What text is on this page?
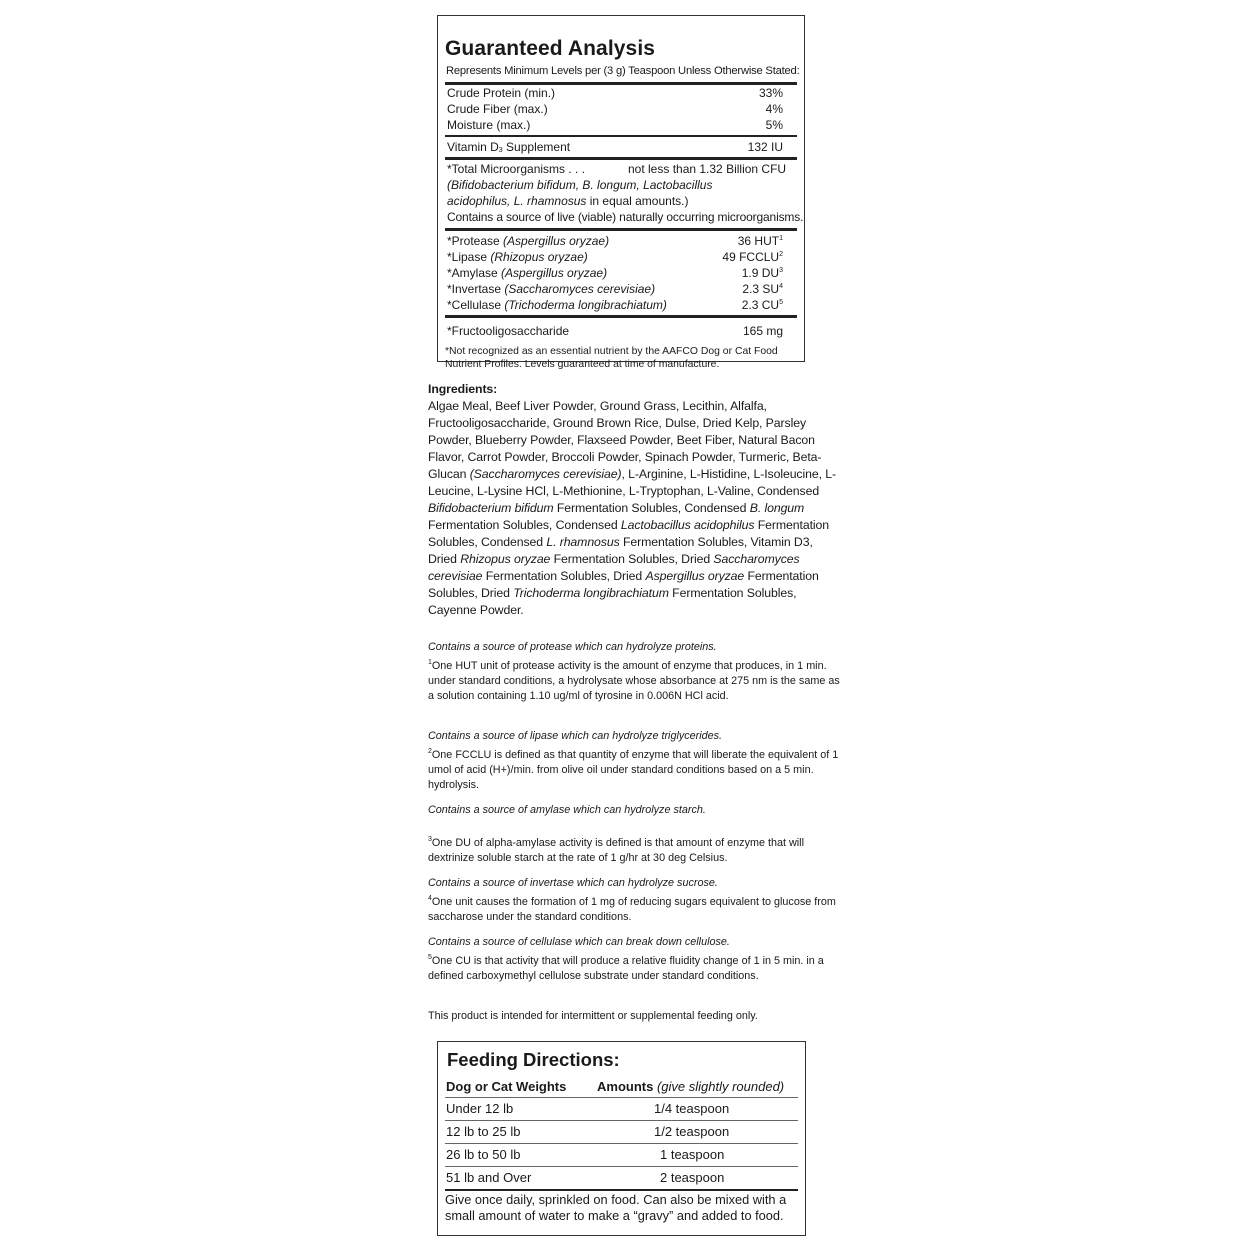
Guaranteed Analysis
Represents Minimum Levels per (3 g) Teaspoon Unless Otherwise Stated:
Crude Protein (min.)	33%
Crude Fiber (max.)	4%
Moisture (max.)	5%
Vitamin $D_3$ Supplement	132 IU
*Total Microorganisms . . .	not less than 1.32 Billion CFU
(Bifidobacterium bifidum, B. longum, Lactobacillus
acidophilus, L. rhamnosus in equal amounts.)
Contains a source of live (viable) naturally occurring microorganisms.
*Protease (Aspergillus oryzae)	36 HUT$^1$
*Lipase (Rhizopus oryzae)	49 FCCLU$^2$
*Amylase (Aspergillus oryzae)	1.9 $DU^3$
*Invertase (Saccharomyces cerevisiae)	2.3 $SU^4$
*Cellulase (Trichoderma longibrachiatum)	2.3 $CU^5$
*Fructooligosaccharide	165 mg
*Not recognized as an essential nutrient by the AAFCO Dog or Cat Food Nutrient Profiles. Levels guaranteed at time of manufacture.
Ingredients:
Algae Meal, Beef Liver Powder, Ground Grass, Lecithin, Alfalfa, Fructooligosaccharide, Ground Brown Rice, Dulse, Dried Kelp, Parsley Powder, Blueberry Powder, Flaxseed Powder, Beet Fiber, Natural Bacon Flavor, Carrot Powder, Broccoli Powder, Spinach Powder, Turmeric, Beta-Glucan (Saccharomyces cerevisiae), L-Arginine, L-Histidine, L-Isoleucine, L-Leucine, L-Lysine HCl, L-Methionine, L-Tryptophan, L-Valine, Condensed Bifidobacterium bifidum Fermentation Solubles, Condensed B. longum Fermentation Solubles, Condensed Lactobacillus acidophilus Fermentation Solubles, Condensed L. rhamnosus Fermentation Solubles, Vitamin D3, Dried Rhizopus oryzae Fermentation Solubles, Dried Saccharomyces cerevisiae Fermentation Solubles, Dried Aspergillus oryzae Fermentation Solubles, Dried Trichoderma longibrachiatum Fermentation Solubles, Cayenne Powder.

Contains a source of protease which can hydrolyze proteins.

$^1$One HUT unit of protease activity is the amount of enzyme that produces, in 1 min. under standard conditions, a hydrolysate whose absorbance at 275 nm is the same as a solution containing 1.10 ug/ml of tyrosine in 0.006N HCl acid.

Contains a source of lipase which can hydrolyze triglycerides.

$^2$One FCCLU is defined as that quantity of enzyme that will liberate the equivalent of 1 umol of acid (H+)/min. from olive oil under standard conditions based on a 5 min. hydrolysis.

Contains a source of amylase which can hydrolyze starch.

$^3$One DU of alpha-amylase activity is defined is that amount of enzyme that will dextrinize soluble starch at the rate of 1 g/hr at 30 deg Celsius.

Contains a source of invertase which can hydrolyze sucrose.

$^4$One unit causes the formation of 1 mg of reducing sugars equivalent to glucose from saccharose under the standard conditions.

Contains a source of cellulase which can break down cellulose.

$^5$One CU is that activity that will produce a relative fluidity change of 1 in 5 min. in a defined carboxymethyl cellulose substrate under standard conditions.

This product is intended for intermittent or supplemental feeding only.

Feeding Directions:
Dog or Cat Weights Amounts (give slightly rounded)
Under 12 lb	1/4 teaspoon
12 lb to 25 lb	1/2 teaspoon
26 lb to 50 lb	1 teaspoon
51 lb and Over	2 teaspoon
Give once daily, sprinkled on food. Can also be mixed with a small amount of water to make a “gravy” and added to food.
